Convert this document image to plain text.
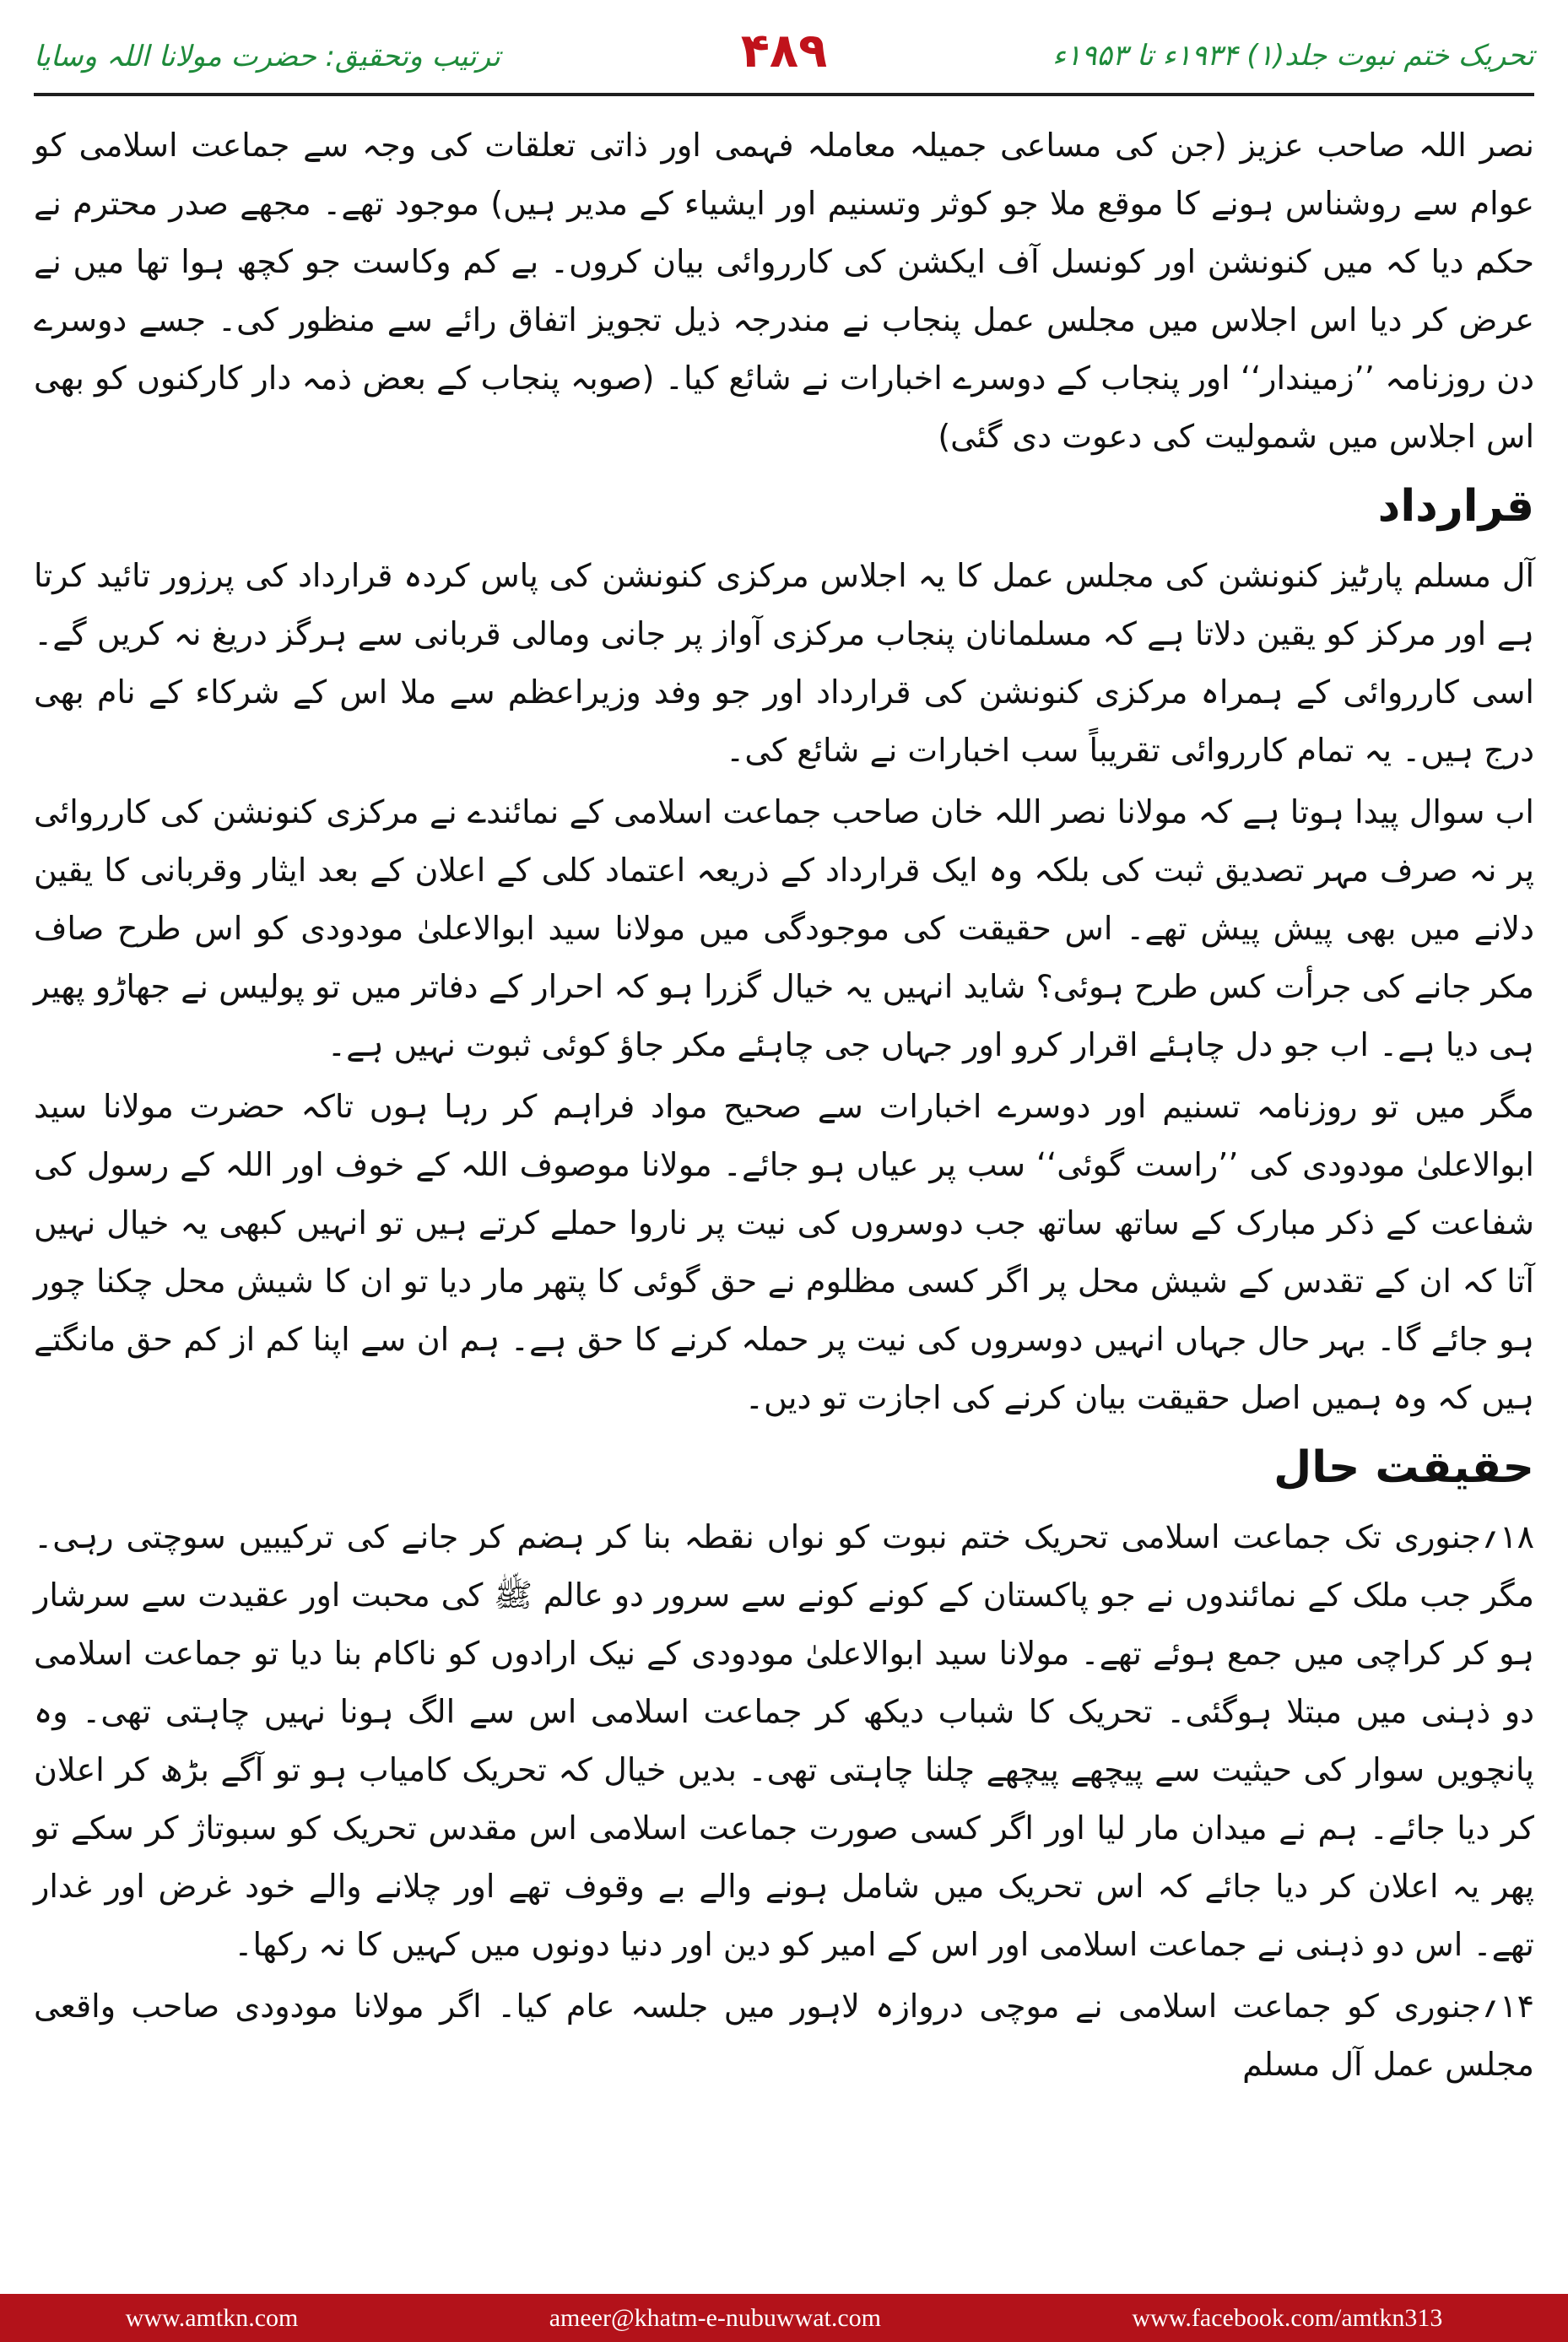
تحریک ختم نبوت جلد(۱) ۱۹۳۴ء تا ۱۹۵۳ء
۴۸۹
ترتیب وتحقیق: حضرت مولانا اللہ وسایا

نصر اللہ صاحب عزیز (جن کی مساعی جمیلہ معاملہ فہمی اور ذاتی تعلقات کی وجہ سے جماعت اسلامی کو عوام سے روشناس ہونے کا موقع ملا جو کوثر وتسنیم اور ایشیاء کے مدیر ہیں) موجود تھے۔ مجھے صدر محترم نے حکم دیا کہ میں کنونشن اور کونسل آف ایکشن کی کارروائی بیان کروں۔ بے کم وکاست جو کچھ ہوا تھا میں نے عرض کر دیا اس اجلاس میں مجلس عمل پنجاب نے مندرجہ ذیل تجویز اتفاق رائے سے منظور کی۔ جسے دوسرے دن روزنامہ ’’زمیندار‘‘ اور پنجاب کے دوسرے اخبارات نے شائع کیا۔ (صوبہ پنجاب کے بعض ذمہ دار کارکنوں کو بھی اس اجلاس میں شمولیت کی دعوت دی گئی)

قرارداد

آل مسلم پارٹیز کنونشن کی مجلس عمل کا یہ اجلاس مرکزی کنونشن کی پاس کردہ قرارداد کی پرزور تائید کرتا ہے اور مرکز کو یقین دلاتا ہے کہ مسلمانان پنجاب مرکزی آواز پر جانی ومالی قربانی سے ہرگز دریغ نہ کریں گے۔ اسی کارروائی کے ہمراہ مرکزی کنونشن کی قرارداد اور جو وفد وزیراعظم سے ملا اس کے شرکاء کے نام بھی درج ہیں۔ یہ تمام کارروائی تقریباً سب اخبارات نے شائع کی۔

اب سوال پیدا ہوتا ہے کہ مولانا نصر اللہ خان صاحب جماعت اسلامی کے نمائندے نے مرکزی کنونشن کی کارروائی پر نہ صرف مہر تصدیق ثبت کی بلکہ وہ ایک قرارداد کے ذریعہ اعتماد کلی کے اعلان کے بعد ایثار وقربانی کا یقین دلانے میں بھی پیش پیش تھے۔ اس حقیقت کی موجودگی میں مولانا سید ابوالاعلیٰ مودودی کو اس طرح صاف مکر جانے کی جرأت کس طرح ہوئی؟ شاید انہیں یہ خیال گزرا ہو کہ احرار کے دفاتر میں تو پولیس نے جھاڑو پھیر ہی دیا ہے۔ اب جو دل چاہئے اقرار کرو اور جہاں جی چاہئے مکر جاؤ کوئی ثبوت نہیں ہے۔

مگر میں تو روزنامہ تسنیم اور دوسرے اخبارات سے صحیح مواد فراہم کر رہا ہوں تاکہ حضرت مولانا سید ابوالاعلیٰ مودودی کی ’’راست گوئی‘‘ سب پر عیاں ہو جائے۔ مولانا موصوف اللہ کے خوف اور اللہ کے رسول کی شفاعت کے ذکر مبارک کے ساتھ ساتھ جب دوسروں کی نیت پر ناروا حملے کرتے ہیں تو انہیں کبھی یہ خیال نہیں آتا کہ ان کے تقدس کے شیش محل پر اگر کسی مظلوم نے حق گوئی کا پتھر مار دیا تو ان کا شیش محل چکنا چور ہو جائے گا۔ بہر حال جہاں انہیں دوسروں کی نیت پر حملہ کرنے کا حق ہے۔ ہم ان سے اپنا کم از کم حق مانگتے ہیں کہ وہ ہمیں اصل حقیقت بیان کرنے کی اجازت تو دیں۔

حقیقت حال

۱۸؍جنوری تک جماعت اسلامی تحریک ختم نبوت کو نواں نقطہ بنا کر ہضم کر جانے کی ترکیبیں سوچتی رہی۔ مگر جب ملک کے نمائندوں نے جو پاکستان کے کونے کونے سے سرور دو عالم ﷺ کی محبت اور عقیدت سے سرشار ہو کر کراچی میں جمع ہوئے تھے۔ مولانا سید ابوالاعلیٰ مودودی کے نیک ارادوں کو ناکام بنا دیا تو جماعت اسلامی دو ذہنی میں مبتلا ہوگئی۔ تحریک کا شباب دیکھ کر جماعت اسلامی اس سے الگ ہونا نہیں چاہتی تھی۔ وہ پانچویں سوار کی حیثیت سے پیچھے پیچھے چلنا چاہتی تھی۔ بدیں خیال کہ تحریک کامیاب ہو تو آگے بڑھ کر اعلان کر دیا جائے۔ ہم نے میدان مار لیا اور اگر کسی صورت جماعت اسلامی اس مقدس تحریک کو سبوتاژ کر سکے تو پھر یہ اعلان کر دیا جائے کہ اس تحریک میں شامل ہونے والے بے وقوف تھے اور چلانے والے خود غرض اور غدار تھے۔ اس دو ذہنی نے جماعت اسلامی اور اس کے امیر کو دین اور دنیا دونوں میں کہیں کا نہ رکھا۔

۱۴؍جنوری کو جماعت اسلامی نے موچی دروازہ لاہور میں جلسہ عام کیا۔ اگر مولانا مودودی صاحب واقعی مجلس عمل آل مسلم

www.amtkn.com	ameer@khatm-e-nubuwwat.com	www.facebook.com/amtkn313
